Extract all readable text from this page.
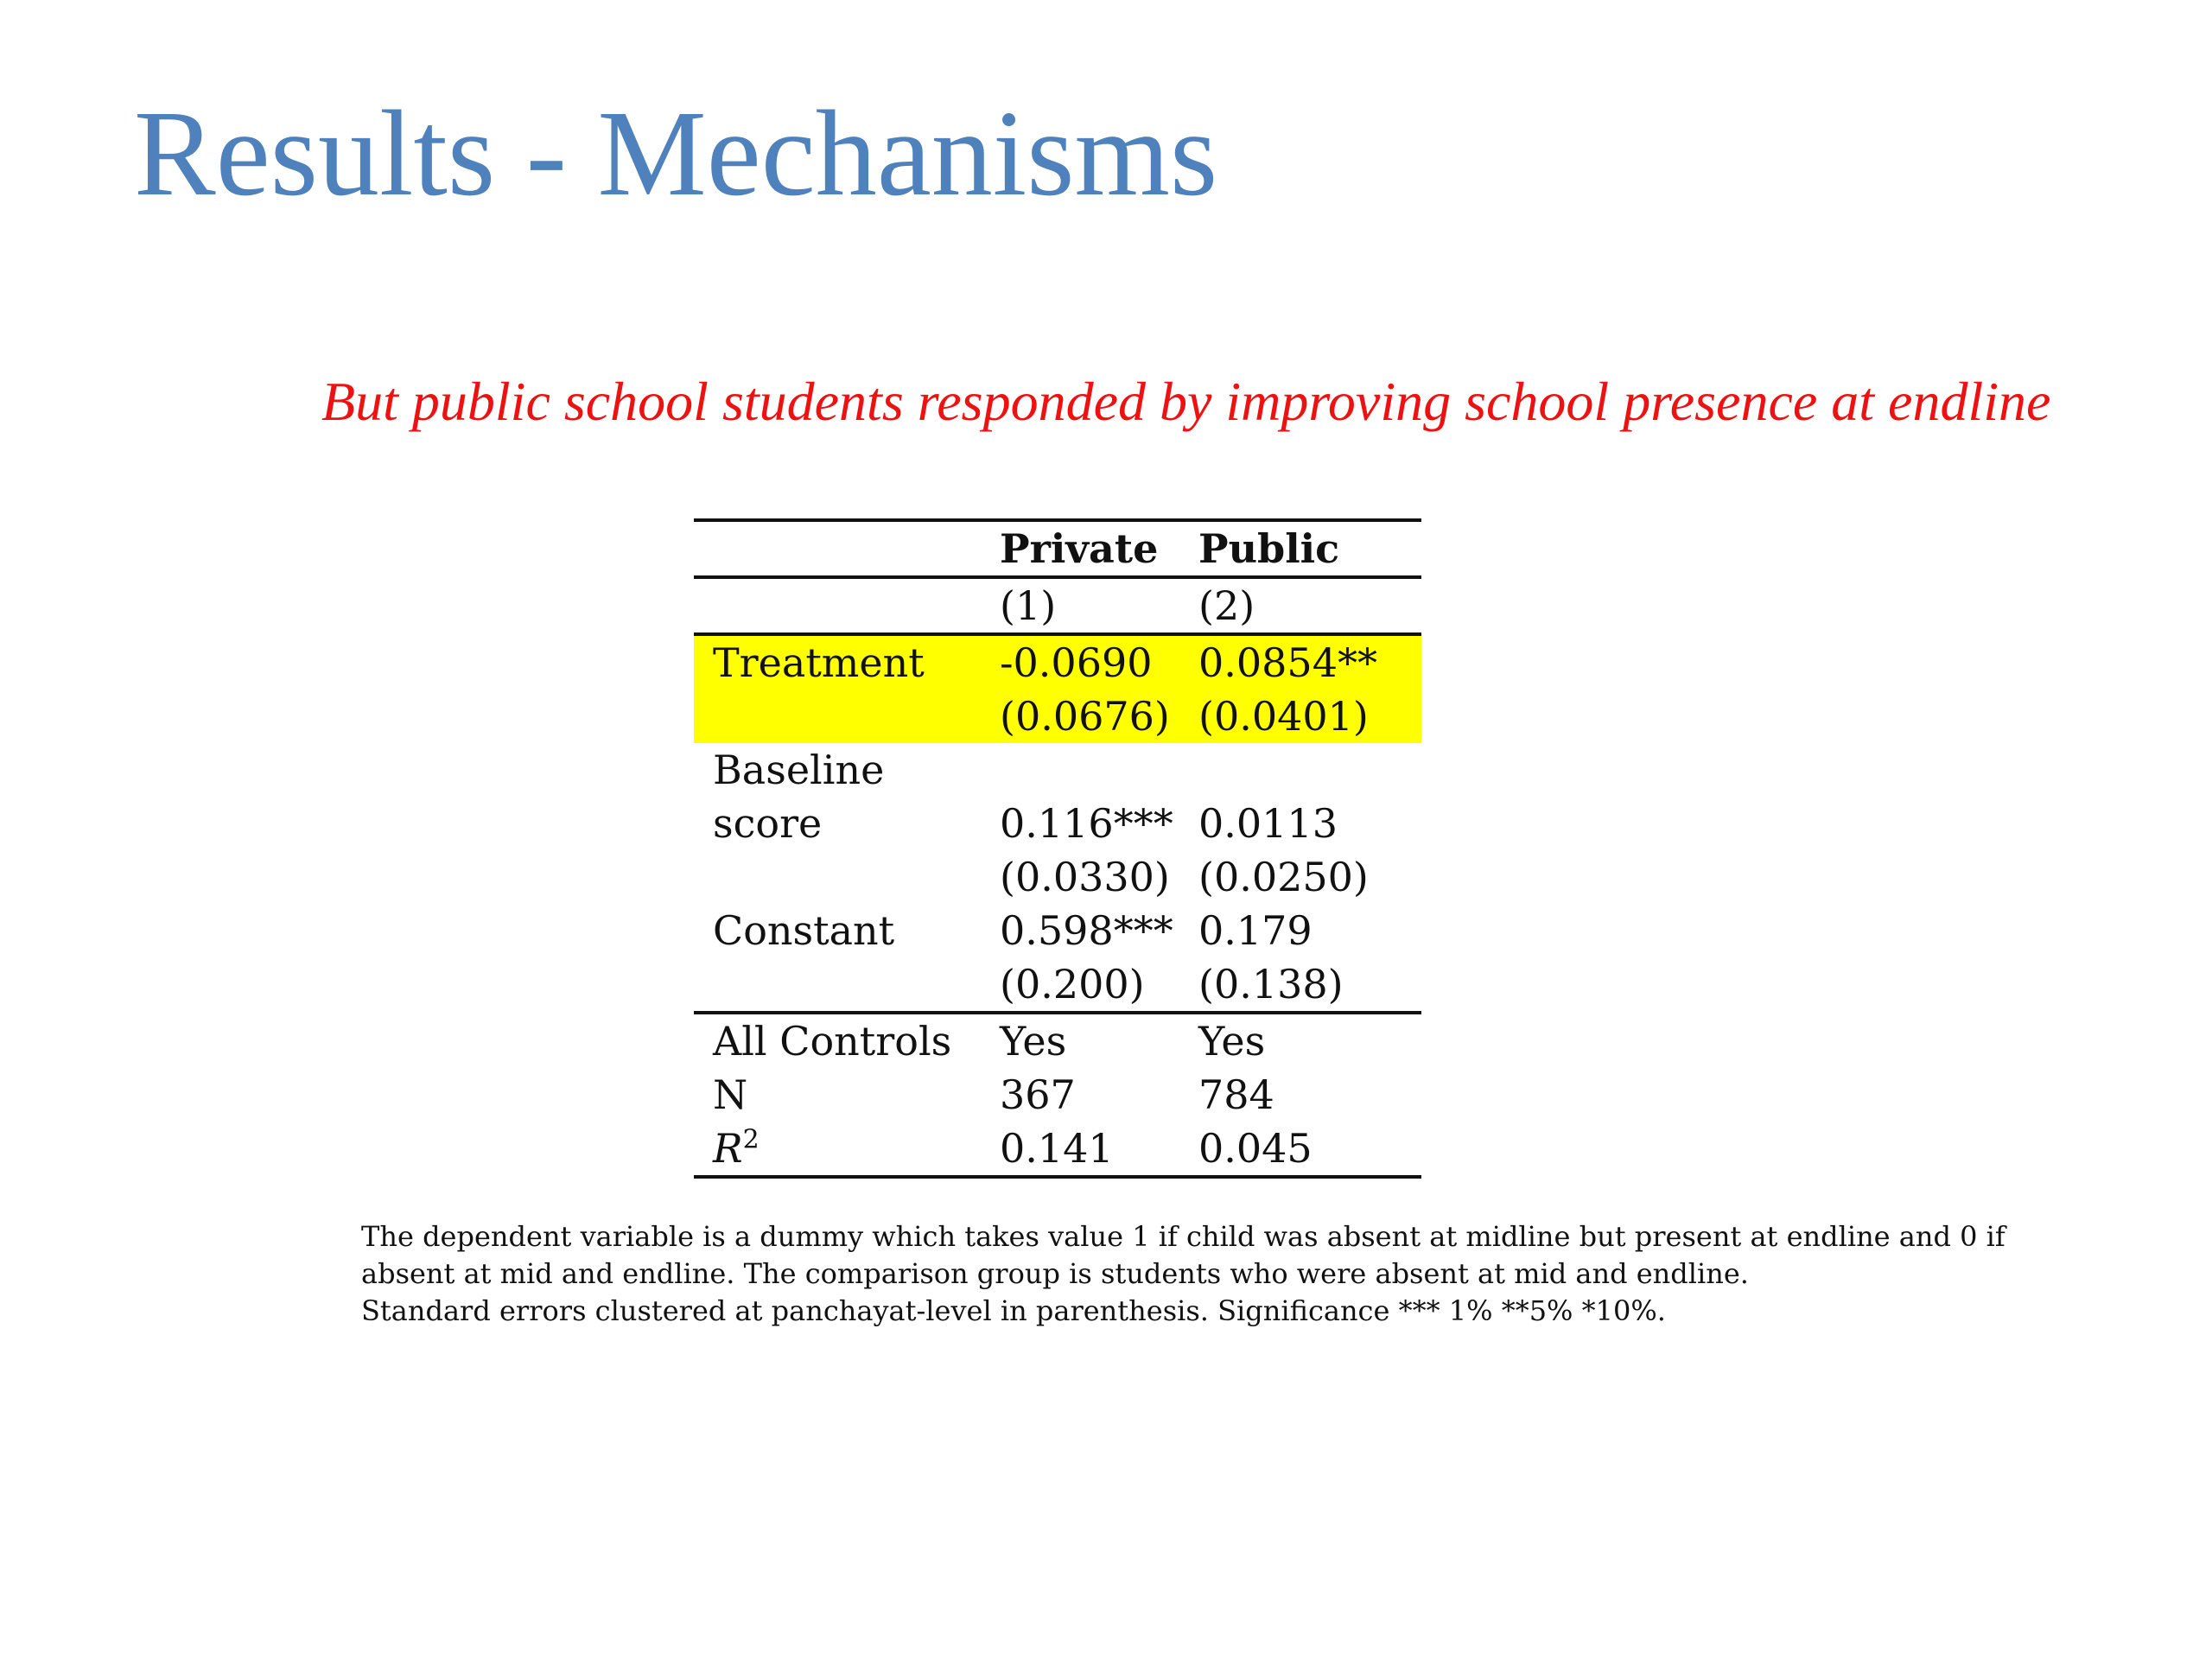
Results - Mechanisms
But public school students responded by improving school presence at endline
	Private	Public
	(1)	(2)
Treatment	-0.0690	0.0854**
	(0.0676)	(0.0401)
Baseline		
score	0.116***	0.0113
	(0.0330)	(0.0250)
Constant	0.598***	0.179
	(0.200)	(0.138)
All Controls	Yes	Yes
N	367	784
$R^2$	0.141	0.045
The dependent variable is a dummy which takes value 1 if child was absent at midline but present at endline and 0 if
absent at mid and endline. The comparison group is students who were absent at mid and endline.
Standard errors clustered at panchayat-level in parenthesis. Significance *** 1% **5% *10%.
